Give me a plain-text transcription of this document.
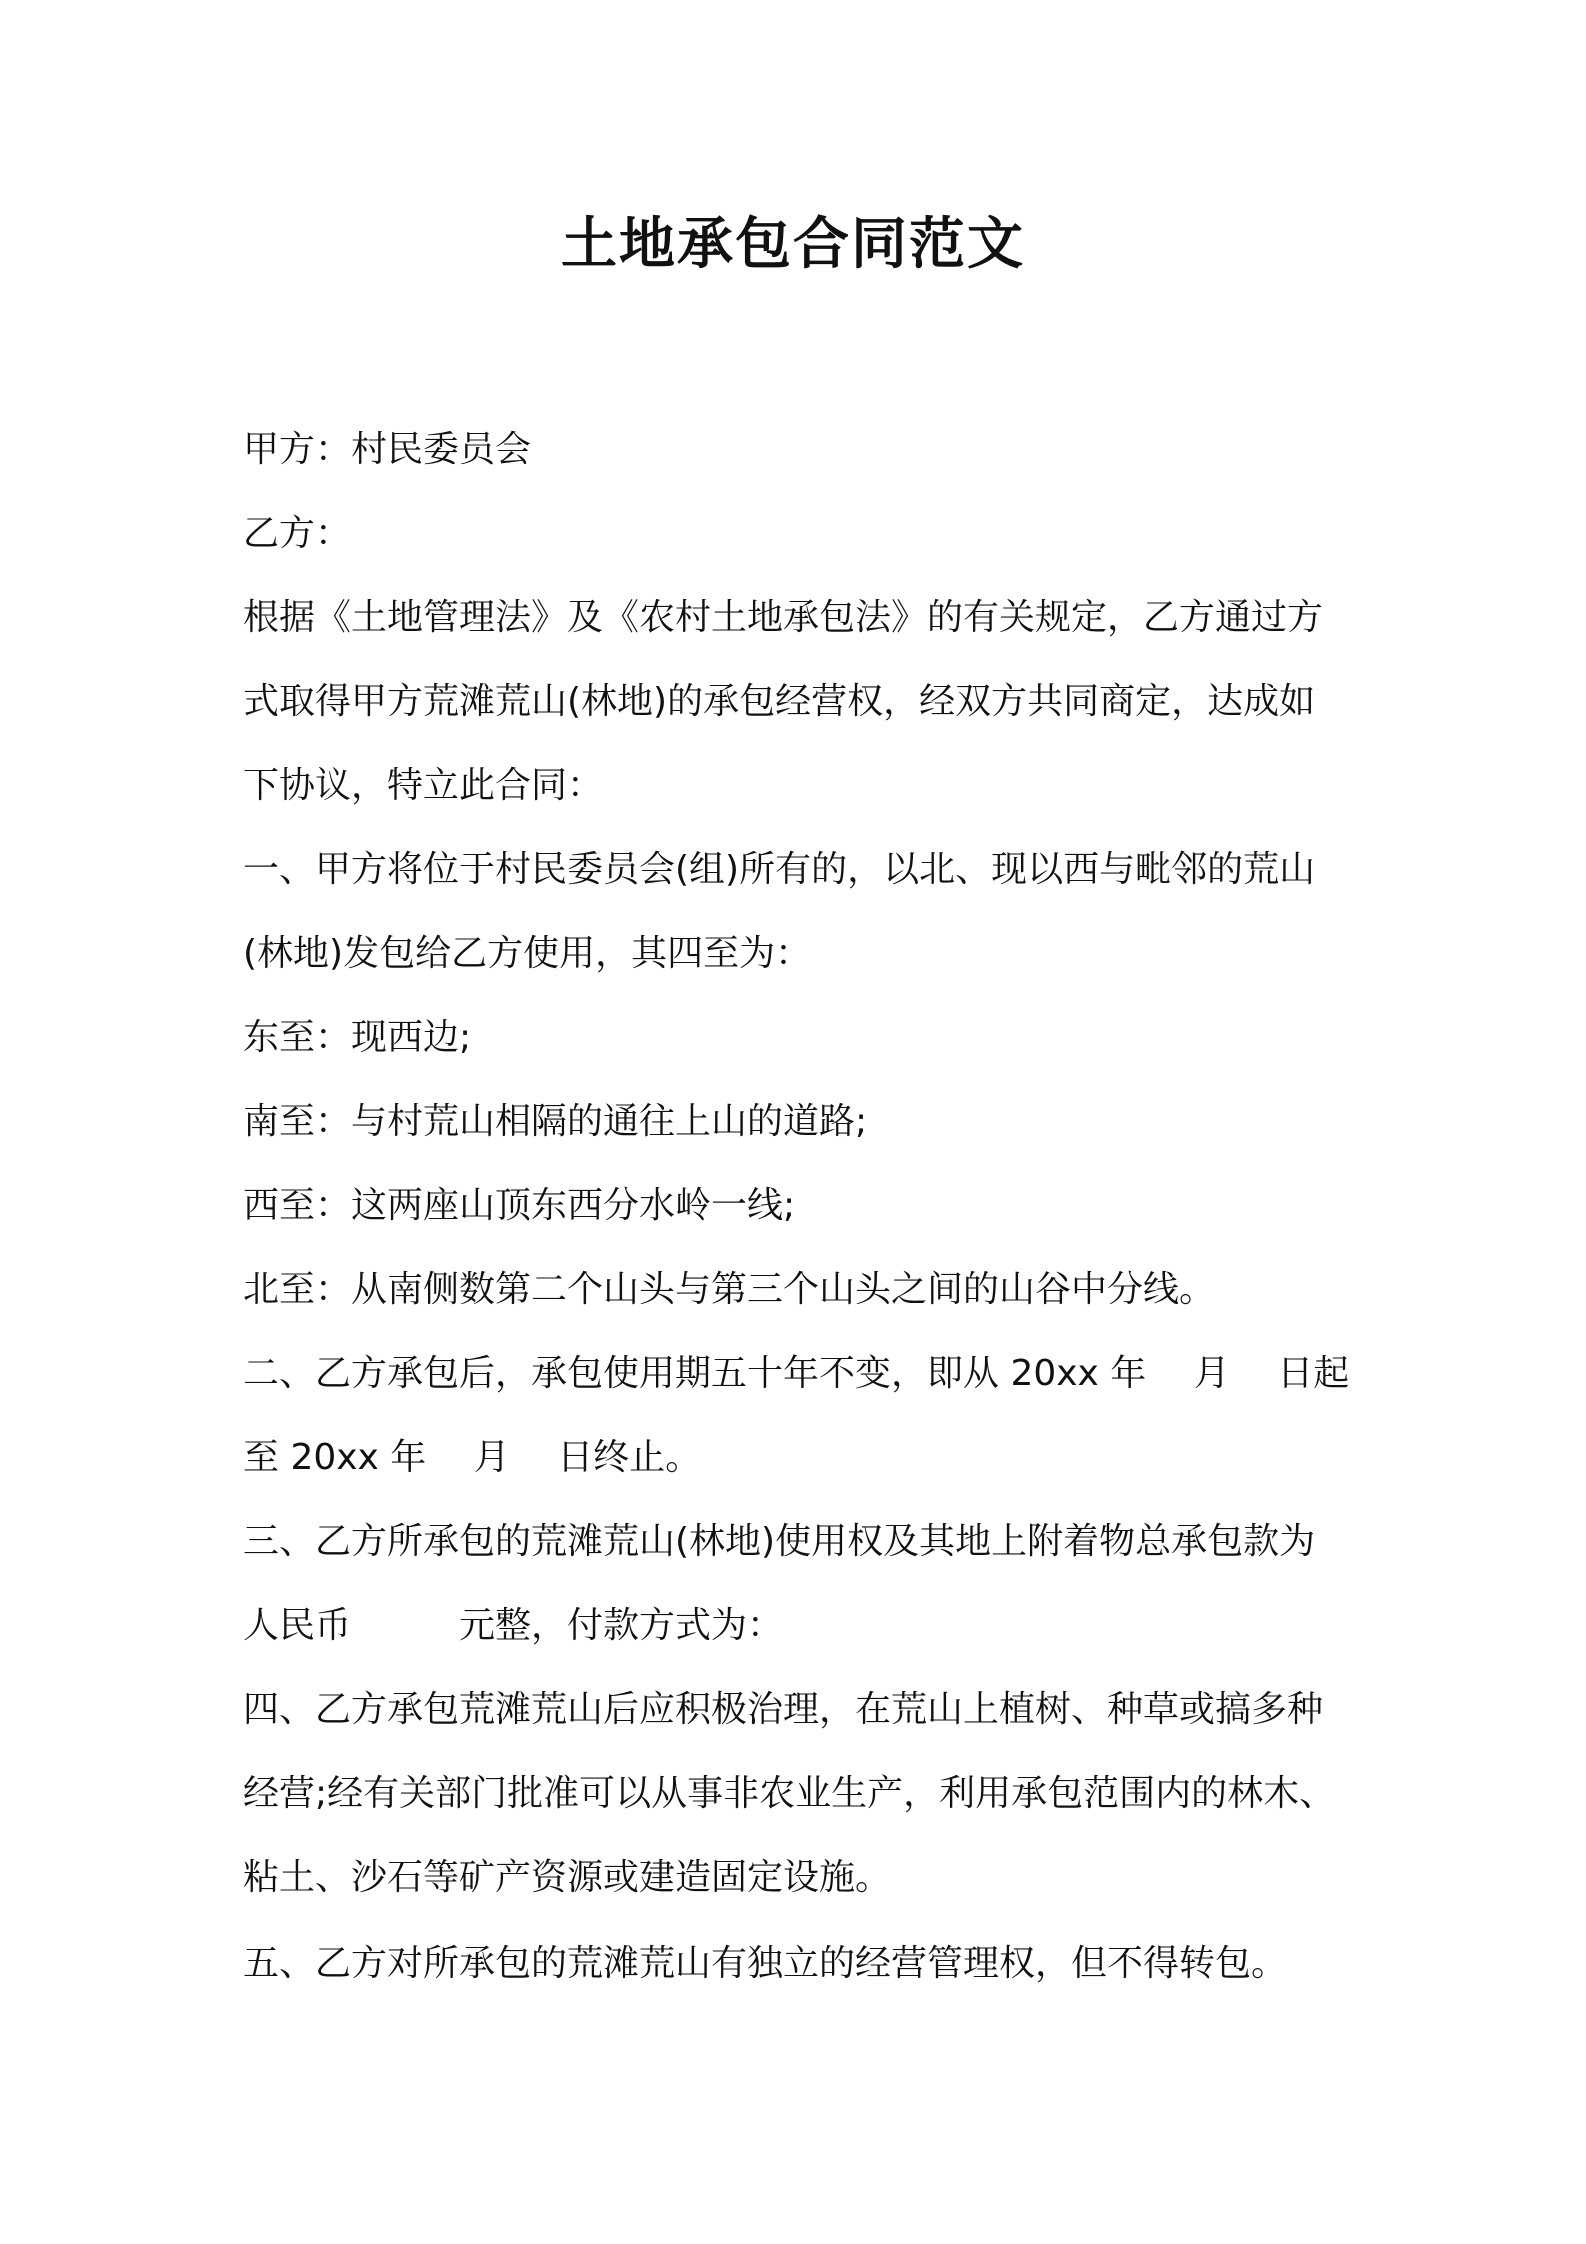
土地承包合同范文
甲方：村民委员会
乙方：
根据《土地管理法》及《农村土地承包法》的有关规定，乙方通过方
式取得甲方荒滩荒山(林地)的承包经营权，经双方共同商定，达成如
下协议，特立此合同：
一、甲方将位于村民委员会(组)所有的，以北、现以西与毗邻的荒山
(林地)发包给乙方使用，其四至为：
东至：现西边;
南至：与村荒山相隔的通往上山的道路;
西至：这两座山顶东西分水岭一线;
北至：从南侧数第二个山头与第三个山头之间的山谷中分线。
二、乙方承包后，承包使用期五十年不变，即从 20xx 年　 月　 日起
至 20xx 年　 月　 日终止。
三、乙方所承包的荒滩荒山(林地)使用权及其地上附着物总承包款为
人民币　　　元整，付款方式为：
四、乙方承包荒滩荒山后应积极治理，在荒山上植树、种草或搞多种
经营;经有关部门批准可以从事非农业生产，利用承包范围内的林木、
粘土、沙石等矿产资源或建造固定设施。
五、乙方对所承包的荒滩荒山有独立的经营管理权，但不得转包。
